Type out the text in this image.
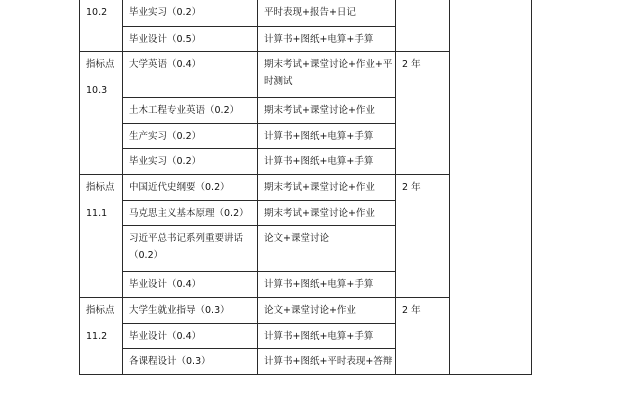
10.2	毕业实习（0.2）	平时表现+报告+日记		
	毕业设计（0.5）	计算书+图纸+电算+手算		

指标点
10.3	大学英语（0.4）	期末考试+课堂讨论+作业+平时测试	2 年	
	土木工程专业英语（0.2）	期末考试+课堂讨论+作业		
	生产实习（0.2）	计算书+图纸+电算+手算		
	毕业实习（0.2）	计算书+图纸+电算+手算		

指标点
11.1	中国近代史纲要（0.2）	期末考试+课堂讨论+作业	2 年	
	马克思主义基本原理（0.2）	期末考试+课堂讨论+作业		
	习近平总书记系列重要讲话（0.2）	论文+课堂讨论		
	毕业设计（0.4）	计算书+图纸+电算+手算		

指标点
11.2	大学生就业指导（0.3）	论文+课堂讨论+作业	2 年	
	毕业设计（0.4）	计算书+图纸+电算+手算		
	各课程设计（0.3）	计算书+图纸+平时表现+答辩		
